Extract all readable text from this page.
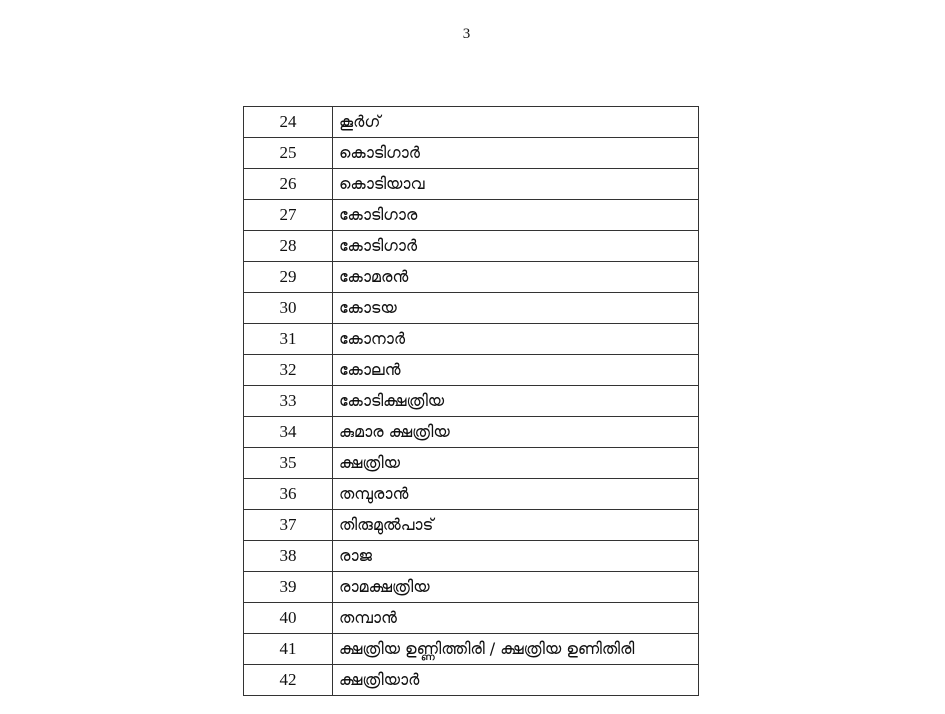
3
24	കൂർഗ്
25	കൊടിഗാർ
26	കൊടിയാവ
27	കോടിഗാര
28	കോടിഗാർ
29	കോമരൻ
30	കോടയ
31	കോനാർ
32	കോലൻ
33	കോടിക്ഷത്രിയ
34	കുമാര ക്ഷത്രിയ
35	ക്ഷത്രിയ
36	തമ്പുരാൻ
37	തിരുമുൽപാട്
38	രാജ
39	രാമക്ഷത്രിയ
40	തമ്പാൻ
41	ക്ഷത്രിയ ഉണ്ണിത്തിരി / ക്ഷത്രിയ ഉണിതിരി
42	ക്ഷത്രിയാർ
